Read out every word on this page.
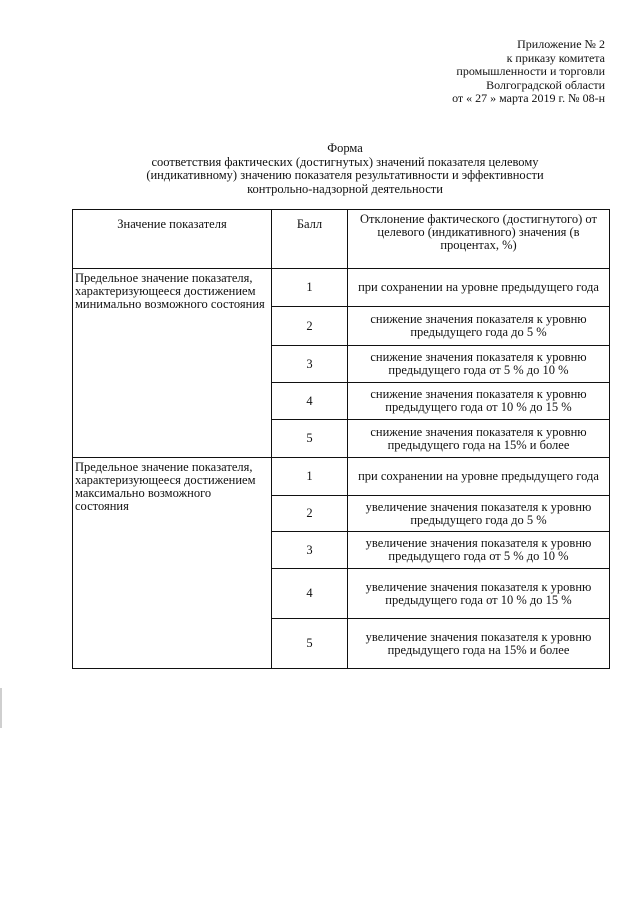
Приложение № 2
к приказу комитета
промышленности и торговли
Волгоградской области
от « 27 » марта 2019 г. № 08-н
Форма
соответствия фактических (достигнутых) значений показателя целевому
(индикативному) значению показателя результативности и эффективности
контрольно-надзорной деятельности
Значение показателя	Балл	Отклонение фактического (достигнутого) от целевого (индикативного) значения (в процентах, %)
Предельное значение показателя, характеризующееся достижением минимально возможного состояния	1	при сохранении на уровне предыдущего года
	2	снижение значения показателя к уровню предыдущего года до 5 %
	3	снижение значения показателя к уровню предыдущего года от 5 % до 10 %
	4	снижение значения показателя к уровню предыдущего года от 10 % до 15 %
	5	снижение значения показателя к уровню предыдущего года на 15% и более
Предельное значение показателя, характеризующееся достижением максимально возможного состояния	1	при сохранении на уровне предыдущего года
	2	увеличение значения показателя к уровню предыдущего года до 5 %
	3	увеличение значения показателя к уровню предыдущего года от 5 % до 10 %
	4	увеличение значения показателя к уровню предыдущего года от 10 % до 15 %
	5	увеличение значения показателя к уровню предыдущего года на 15% и более
